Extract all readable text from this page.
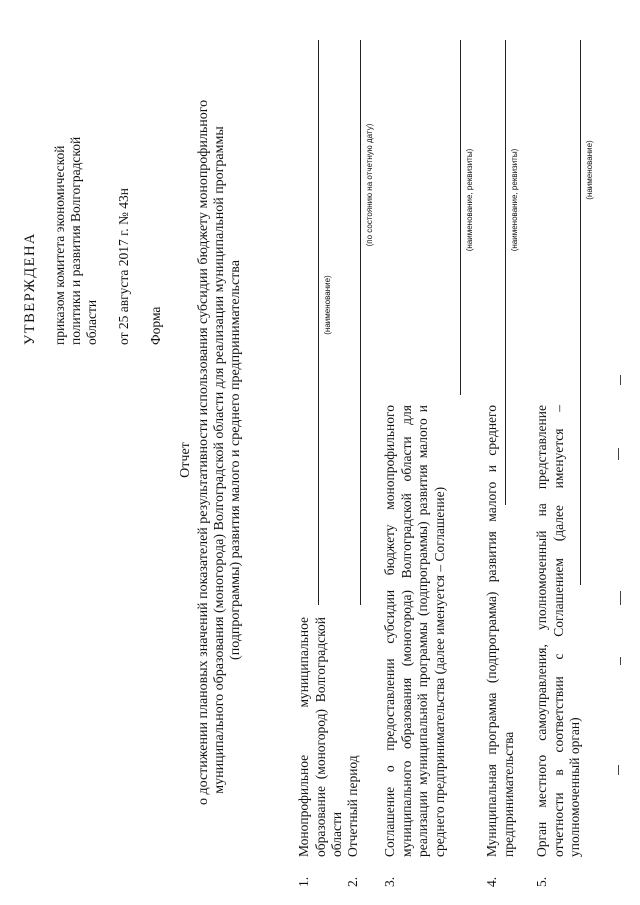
УТВЕРЖДЕНА приказом комитета экономической политики и развития Волгоградской области от 25 августа 2017 г. № 43н Форма
Отчет о достижении плановых значений показателей результативности использования субсидии бюджету монопрофильного муниципального образования (моногорода) Волгоградской области для реализации муниципальной программы (подпрограммы) развития малого и среднего предпринимательства
1.
Монопрофильное муниципальное образование (моногород) Волгоградской области
(наименование)
2.
Отчетный период
(по состоянию на отчетную дату)
3.
Соглашение о предоставлении субсидии бюджету монопрофильного муниципального образования (моногорода) Волгоградской области для реализации муниципальной программы (подпрограммы) развития малого и среднего предпринимательства (далее именуется – Соглашение)
(наименование, реквизиты)
4.
Муниципальная программа (подпрограмма) развития малого и среднего предпринимательства
(наименование, реквизиты)
5.
Орган местного самоуправления, уполномоченный на представление отчетности в соответствии с Соглашением (далее именуется – уполномоченный орган)
(наименование)
